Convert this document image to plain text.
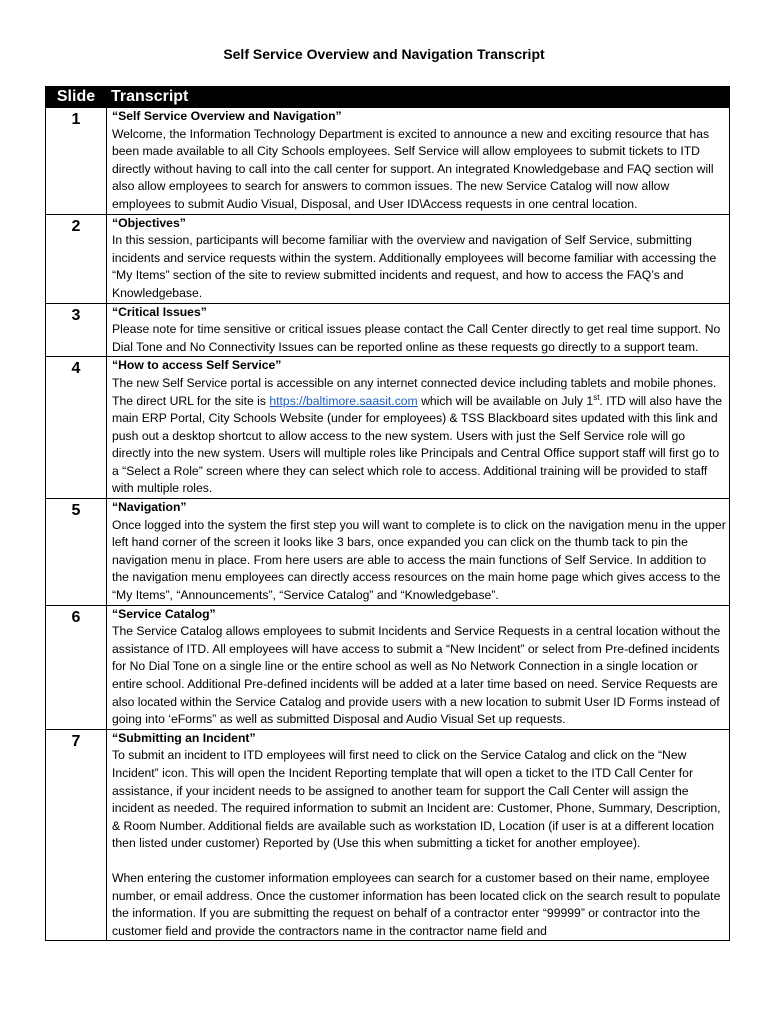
Self Service Overview and Navigation Transcript
Slide	Transcript
1	“Self Service Overview and Navigation”
Welcome, the Information Technology Department is excited to announce a new and exciting resource that has been made available to all City Schools employees. Self Service will allow employees to submit tickets to ITD directly without having to call into the call center for support. An integrated Knowledgebase and FAQ section will also allow employees to search for answers to common issues. The new Service Catalog will now allow employees to submit Audio Visual, Disposal, and User ID\Access requests in one central location.

2	“Objectives”
In this session, participants will become familiar with the overview and navigation of Self Service, submitting incidents and service requests within the system. Additionally employees will become familiar with accessing the “My Items” section of the site to review submitted incidents and request, and how to access the FAQ’s and Knowledgebase.

3	“Critical Issues”
Please note for time sensitive or critical issues please contact the Call Center directly to get real time support. No Dial Tone and No Connectivity Issues can be reported online as these requests go directly to a support team.

4	“How to access Self Service”
The new Self Service portal is accessible on any internet connected device including tablets and mobile phones. The direct URL for the site is https://baltimore.saasit.com which will be available on July 1st. ITD will also have the main ERP Portal, City Schools Website (under for employees) & TSS Blackboard sites updated with this link and push out a desktop shortcut to allow access to the new system. Users with just the Self Service role will go directly into the new system. Users will multiple roles like Principals and Central Office support staff will first go to a “Select a Role” screen where they can select which role to access. Additional training will be provided to staff with multiple roles.

5	“Navigation”
Once logged into the system the first step you will want to complete is to click on the navigation menu in the upper left hand corner of the screen it looks like 3 bars, once expanded you can click on the thumb tack to pin the navigation menu in place. From here users are able to access the main functions of Self Service. In addition to the navigation menu employees can directly access resources on the main home page which gives access to the “My Items”, “Announcements”, “Service Catalog” and “Knowledgebase”.

6	“Service Catalog”
The Service Catalog allows employees to submit Incidents and Service Requests in a central location without the assistance of ITD. All employees will have access to submit a “New Incident” or select from Pre-defined incidents for No Dial Tone on a single line or the entire school as well as No Network Connection in a single location or entire school. Additional Pre-defined incidents will be added at a later time based on need. Service Requests are also located within the Service Catalog and provide users with a new location to submit User ID Forms instead of going into ‘eForms” as well as submitted Disposal and Audio Visual Set up requests.

7	“Submitting an Incident”
To submit an incident to ITD employees will first need to click on the Service Catalog and click on the “New Incident” icon. This will open the Incident Reporting template that will open a ticket to the ITD Call Center for assistance, if your incident needs to be assigned to another team for support the Call Center will assign the incident as needed. The required information to submit an Incident are: Customer, Phone, Summary, Description, & Room Number. Additional fields are available such as workstation ID, Location (if user is at a different location then listed under customer) Reported by (Use this when submitting a ticket for another employee).
When entering the customer information employees can search for a customer based on their name, employee number, or email address. Once the customer information has been located click on the search result to populate the information. If you are submitting the request on behalf of a contractor enter “99999” or contractor into the customer field and provide the contractors name in the contractor name field and
